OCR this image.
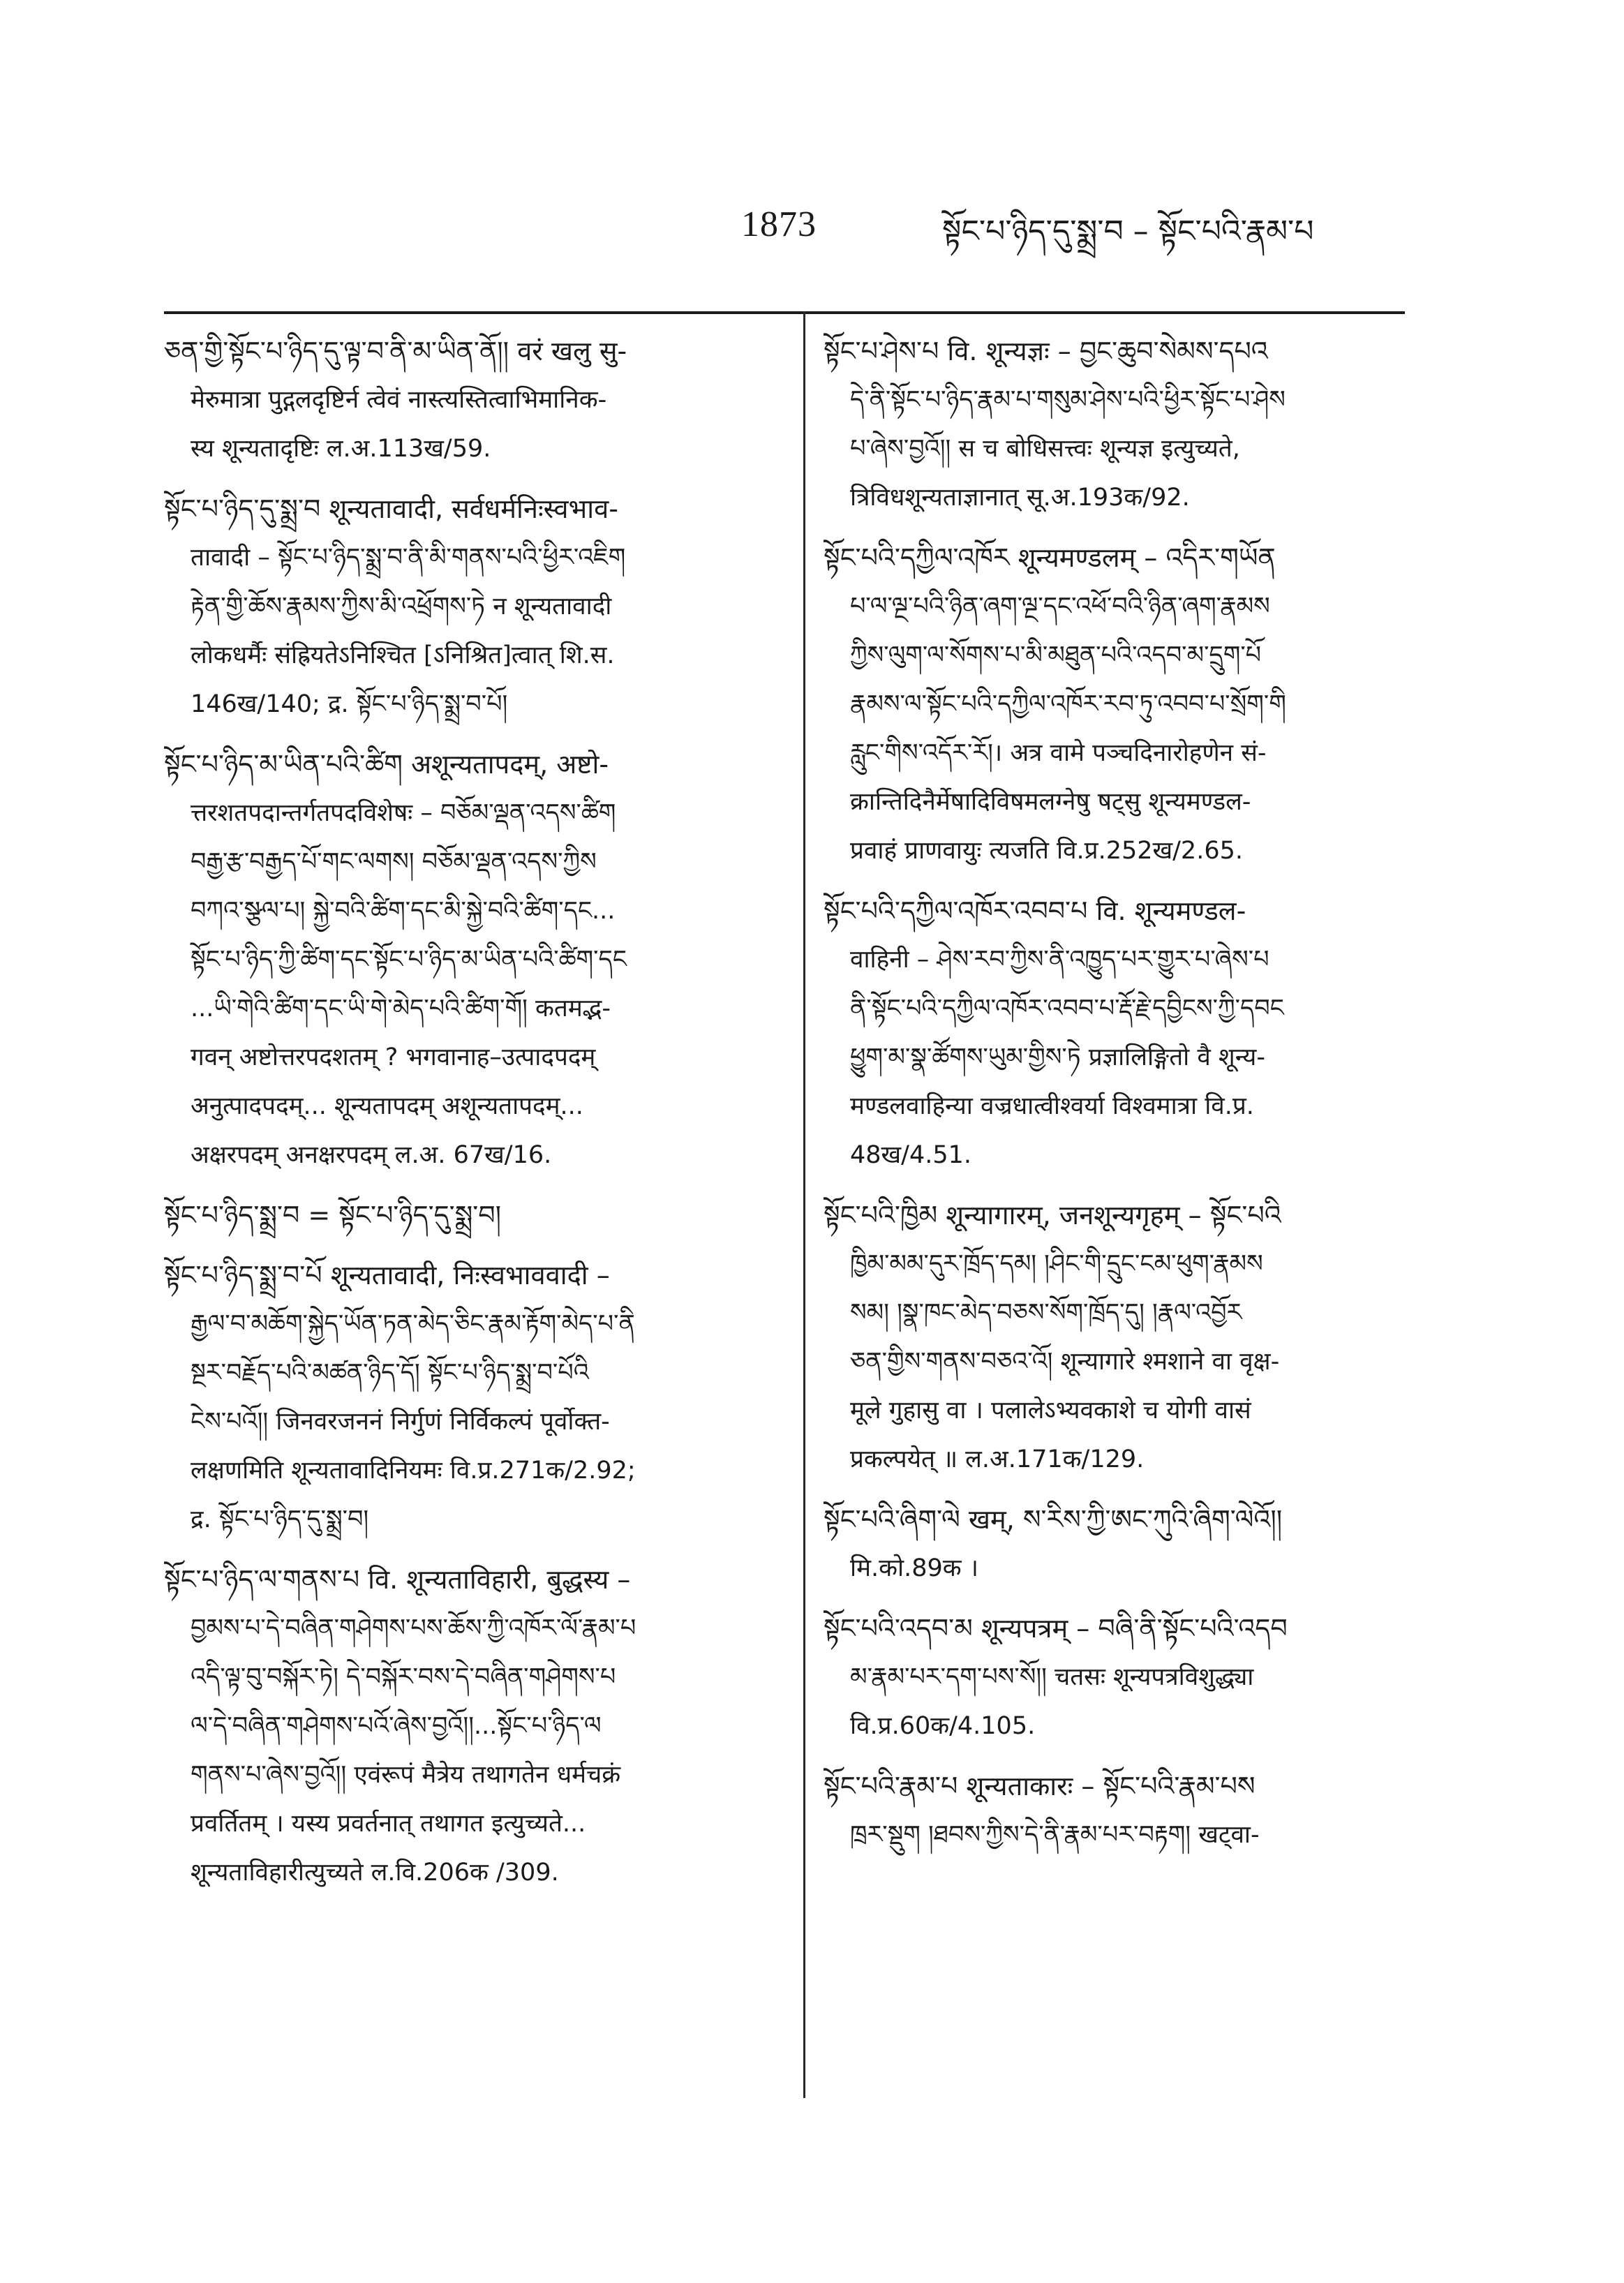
1873	སྟོང་པ་ཉིད་དུ་སྨྲ་བ – སྟོང་པའི་རྣམ་པ
ཅན་གྱི་སྟོང་པ་ཉིད་དུ་ལྟ་བ་ནི་མ་ཡིན་ནོ།། वरं खलु सु-
मेरुमात्रा पुद्गलदृष्टिर्न त्वेवं नास्त्यस्तित्वाभिमानिक-
स्य शून्यतादृष्टिः ल.अ.113ख/59.
སྟོང་པ་ཉིད་དུ་སྨྲ་བ शून्यतावादी, सर्वधर्मनिःस्वभाव-
तावादी – སྟོང་པ་ཉིད་སྨྲ་བ་ནི་མི་གནས་པའི་ཕྱིར་འཇིག
རྟེན་གྱི་ཆོས་རྣམས་ཀྱིས་མི་འཕྲོགས་ཏེ न शून्यतावादी
लोकधर्मैः संह्रियतेऽनिश्चित [ऽनिश्रित]त्वात् शि.स.
146ख/140; द्र. སྟོང་པ་ཉིད་སྨྲ་བ་པོ།
སྟོང་པ་ཉིད་མ་ཡིན་པའི་ཚིག अशून्यतापदम्, अष्टो-
त्तरशतपदान्तर्गतपदविशेषः – བཅོམ་ལྡན་འདས་ཚིག
བརྒྱ་རྩ་བརྒྱད་པོ་གང་ལགས། བཅོམ་ལྡན་འདས་ཀྱིས
བཀའ་སྩལ་པ། སྐྱེ་བའི་ཚིག་དང་མི་སྐྱེ་བའི་ཚིག་དང...
སྟོང་པ་ཉིད་ཀྱི་ཚིག་དང་སྟོང་པ་ཉིད་མ་ཡིན་པའི་ཚིག་དང
...ཡི་གེའི་ཚིག་དང་ཡི་གེ་མེད་པའི་ཚིག་གོ། कतमद्भ-
गवन् अष्टोत्तरपदशतम् ? भगवानाह–उत्पादपदम्
अनुत्पादपदम्... शून्यतापदम् अशून्यतापदम्...
अक्षरपदम् अनक्षरपदम् ल.अ. 67ख/16.
སྟོང་པ་ཉིད་སྨྲ་བ = སྟོང་པ་ཉིད་དུ་སྨྲ་བ།
སྟོང་པ་ཉིད་སྨྲ་བ་པོ शून्यतावादी, निःस्वभाववादी –
རྒྱལ་བ་མཆོག་སྐྱེད་ཡོན་ཏན་མེད་ཅིང་རྣམ་རྟོག་མེད་པ་ནི
སྔར་བརྗོད་པའི་མཚན་ཉིད་དོ། སྟོང་པ་ཉིད་སྨྲ་བ་པོའི
ངེས་པའོ།། जिनवरजननं निर्गुणं निर्विकल्पं पूर्वोक्त-
लक्षणमिति शून्यतावादिनियमः वि.प्र.271क/2.92;
द्र. སྟོང་པ་ཉིད་དུ་སྨྲ་བ།
སྟོང་པ་ཉིད་ལ་གནས་པ वि. शून्यताविहारी, बुद्धस्य –
བྱམས་པ་དེ་བཞིན་གཤེགས་པས་ཆོས་ཀྱི་འཁོར་ལོ་རྣམ་པ
འདི་ལྟ་བུ་བསྐོར་ཏེ། དེ་བསྐོར་བས་དེ་བཞིན་གཤེགས་པ
ལ་དེ་བཞིན་གཤེགས་པའོ་ཞེས་བྱའོ།།...སྟོང་པ་ཉིད་ལ
གནས་པ་ཞེས་བྱའོ།། एवंरूपं मैत्रेय तथागतेन धर्मचक्रं
प्रवर्तितम् । यस्य प्रवर्तनात् तथागत इत्युच्यते...
शून्यताविहारीत्युच्यते ल.वि.206क /309.
སྟོང་པ་ཤེས་པ वि. शून्यज्ञः – བྱང་ཆུབ་སེམས་དཔའ
དེ་ནི་སྟོང་པ་ཉིད་རྣམ་པ་གསུམ་ཤེས་པའི་ཕྱིར་སྟོང་པ་ཤེས
པ་ཞེས་བྱའོ།། स च बोधिसत्त्वः शून्यज्ञ इत्युच्यते,
त्रिविधशून्यताज्ञानात् सू.अ.193क/92.
སྟོང་པའི་དཀྱིལ་འཁོར शून्यमण्डलम् – འདིར་གཡོན
པ་ལ་ལྔ་པའི་ཉིན་ཞག་ལྔ་དང་འཕོ་བའི་ཉིན་ཞག་རྣམས
ཀྱིས་ལུག་ལ་སོགས་པ་མི་མཐུན་པའི་འདབ་མ་དྲུག་པོ
རྣམས་ལ་སྟོང་པའི་དཀྱིལ་འཁོར་རབ་ཏུ་འབབ་པ་སྲོག་གི
རླུང་གིས་འདོར་རོ།। अत्र वामे पञ्चदिनारोहणेन सं-
क्रान्तिदिनैर्मेषादिविषमलग्नेषु षट्सु शून्यमण्डल-
प्रवाहं प्राणवायुः त्यजति वि.प्र.252ख/2.65.
སྟོང་པའི་དཀྱིལ་འཁོར་འབབ་པ वि. शून्यमण्डल-
वाहिनी – ཤེས་རབ་ཀྱིས་ནི་འཁྱུད་པར་གྱུར་པ་ཞེས་པ
ནི་སྟོང་པའི་དཀྱིལ་འཁོར་འབབ་པ་རྡོ་རྗེ་དབྱིངས་ཀྱི་དབང
ཕྱུག་མ་སྣ་ཚོགས་ཡུམ་གྱིས་ཏེ प्रज्ञालिङ्गितो वै शून्य-
मण्डलवाहिन्या वज्रधात्वीश्वर्या विश्वमात्रा वि.प्र.
48ख/4.51.
སྟོང་པའི་ཁྱིམ शून्यागारम्, जनशून्यगृहम् – སྟོང་པའི
ཁྱིམ་མམ་དུར་ཁྲོད་དམ། །ཤིང་གི་དྲུང་ངམ་ཕུག་རྣམས
སམ། །སྣ་ཁང་མེད་བཅས་སོག་ཁྲོད་དུ། །རྣལ་འབྱོར
ཅན་གྱིས་གནས་བཅའ་འོ། शून्यागारे श्मशाने वा वृक्ष-
मूले गुहासु वा । पलालेऽभ्यवकाशे च योगी वासं
प्रकल्पयेत् ॥ ल.अ.171क/129.
སྟོང་པའི་ཞིག་ལེ खम्, ས་རིས་ཀྱི་ཨང་ཀུའི་ཞིག་ལེའོ།།
मि.को.89क ।
སྟོང་པའི་འདབ་མ शून्यपत्रम् – བཞི་ནི་སྟོང་པའི་འདབ
མ་རྣམ་པར་དག་པས་སོ།། चतसः शून्यपत्रविशुद्ध्या
वि.प्र.60क/4.105.
སྟོང་པའི་རྣམ་པ शून्यताकारः – སྟོང་པའི་རྣམ་པས
ཁྲར་སྡུག །ཐབས་ཀྱིས་དེ་ནི་རྣམ་པར་བརྟག། खट्वा-
